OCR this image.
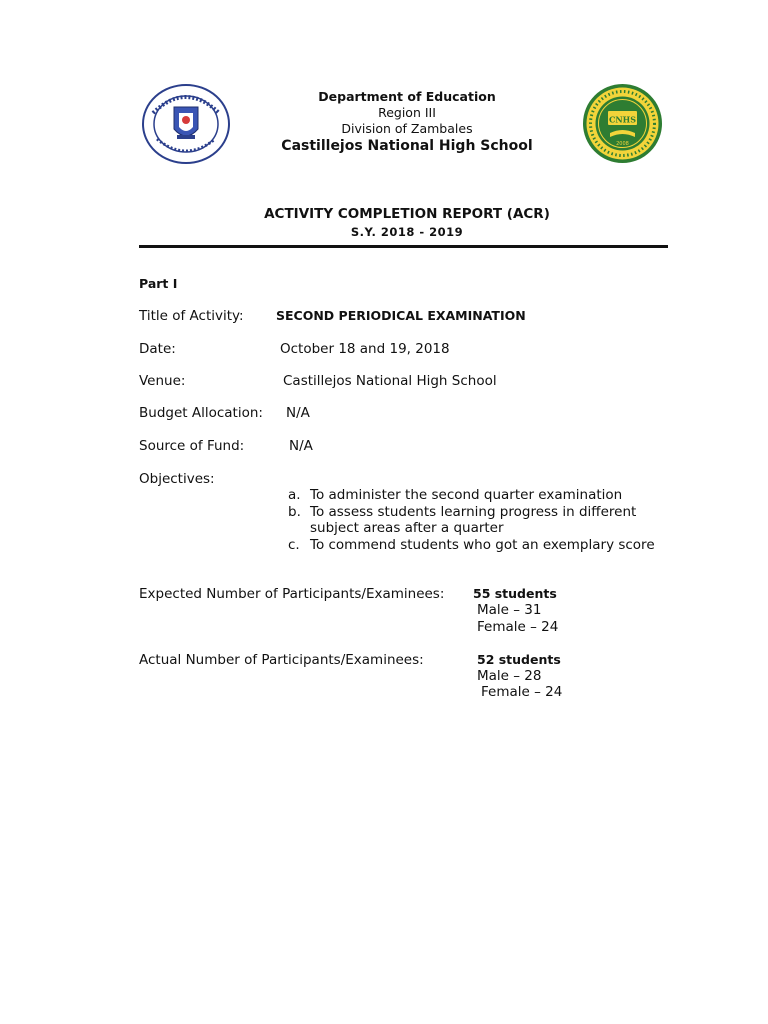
CNHS
2008
Department of Education
Region III
Division of Zambales
Castillejos National High School
ACTIVITY COMPLETION REPORT (ACR)
S.Y. 2018 - 2019
Part I
Title of Activity:	SECOND PERIODICAL EXAMINATION
Date:	October 18 and 19, 2018
Venue:	Castillejos National High School
Budget Allocation: N/A
Source of Fund:	N/A
Objectives:
a. To administer the second quarter examination
b. To assess students learning progress in different subject areas after a quarter
c. To commend students who got an exemplary score
Expected Number of Participants/Examinees: 55 students
Male – 31
Female – 24
Actual Number of Participants/Examinees:	52 students
Male – 28
Female – 24
